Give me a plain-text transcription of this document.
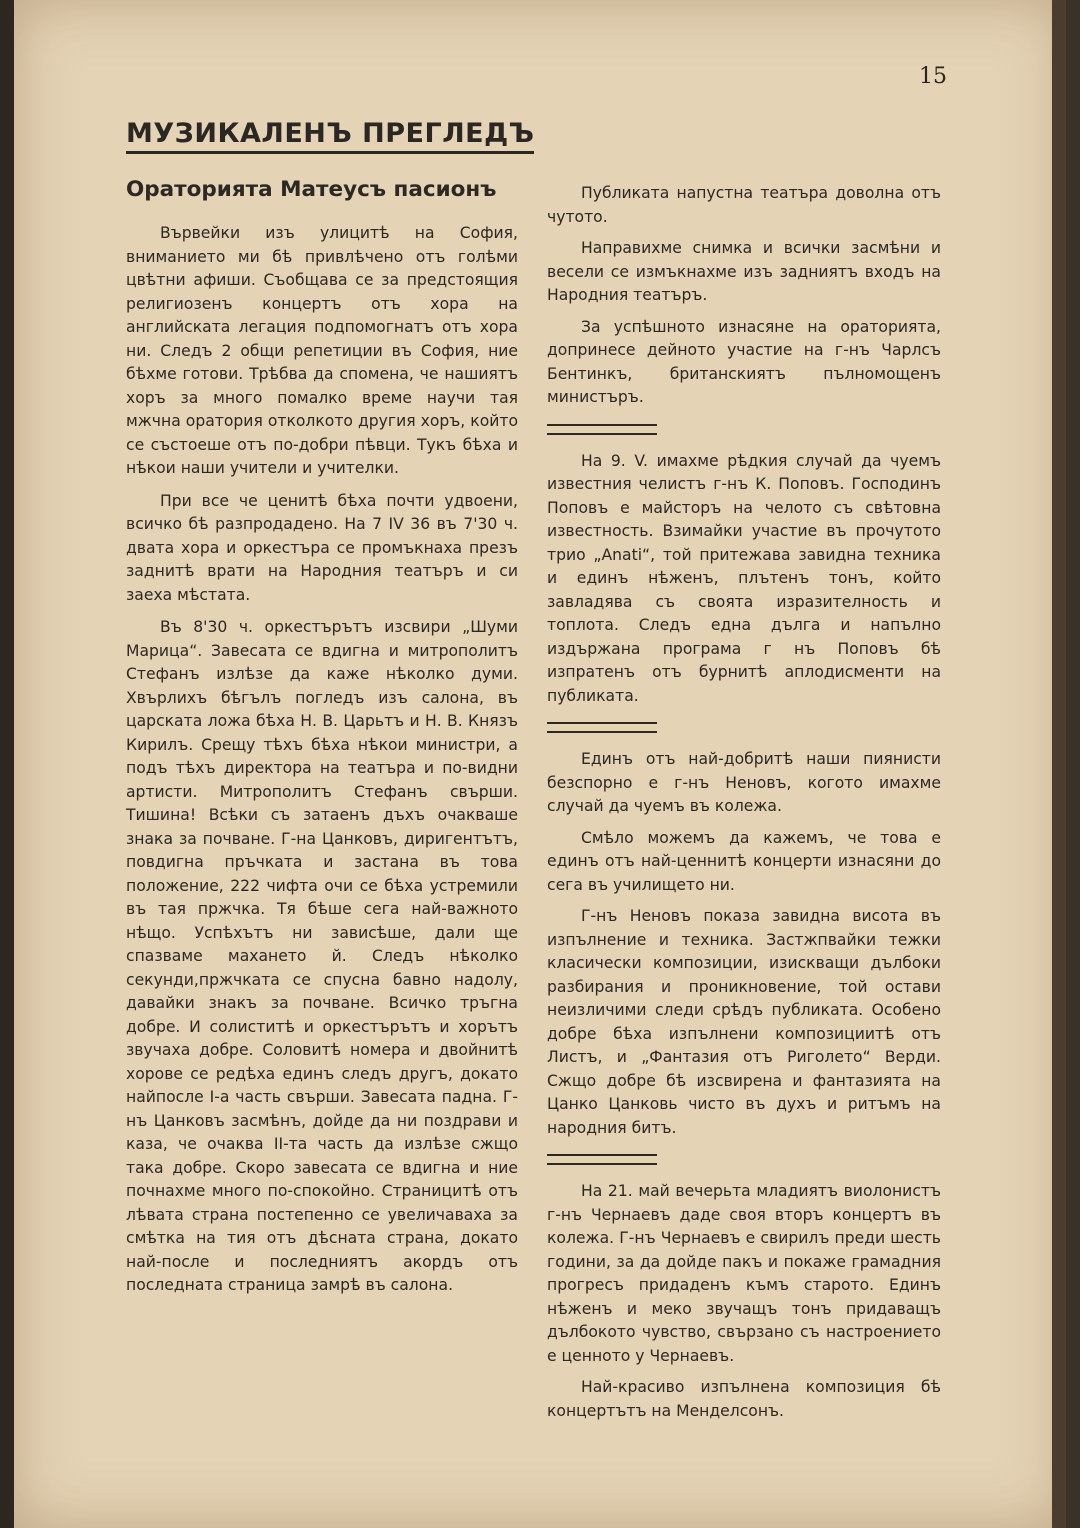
15
МУЗИКАЛЕНЪ ПРЕГЛЕДЪ
Ораторията Матеусъ пасионъ

Вървейки изъ улицитѣ на София, вниманието ми бѣ привлѣчено отъ голѣми цвѣтни афиши. Съобщава се за предстоящия религиозенъ концертъ отъ хора на английската легация подпомогнатъ отъ хора ни. Следъ 2 общи репетиции въ София, ние бѣхме готови. Трѣбва да спомена, че нашиятъ хоръ за много помалко време научи тая мжчна оратория отколкото другия хоръ, който се състоеше отъ по-добри пѣвци. Тукъ бѣха и нѣкои наши учители и учителки.

При все че ценитѣ бѣха почти удвоени, всичко бѣ разпродадено. На 7 IV 36 въ 7'30 ч. двата хора и оркестъра се промъкнаха презъ заднитѣ врати на Народния театъръ и си заеха мѣстата.

Въ 8'30 ч. оркестърътъ изсвири „Шуми Марица“. Завесата се вдигна и митрополитъ Стефанъ излѣзе да каже нѣколко думи. Хвърлихъ бѣгълъ погледъ изъ салона, въ царската ложа бѣха Н. В. Царьтъ и Н. В. Князъ Кирилъ. Срещу тѣхъ бѣха нѣкои министри, а подъ тѣхъ директора на театъра и по-видни артисти. Митрополитъ Стефанъ свърши. Тишина! Всѣки съ затаенъ дъхъ очакваше знака за почване. Г-на Цанковъ, диригентътъ, повдигна пръчката и застана въ това положение, 222 чифта очи се бѣха устремили въ тая пржчка. Тя бѣше сега най-важното нѣщо. Успѣхътъ ни зависѣше, дали ще спазваме махането й. Следъ нѣколко секунди,пржчката се спусна бавно надолу, давайки знакъ за почване. Всичко тръгна добре. И солиститѣ и оркестърътъ и хорътъ звучаха добре. Соловитѣ номера и двойнитѣ хорове се редѣха единъ следъ другъ, докато найпосле I-а часть свърши. Завесата падна. Г-нъ Цанковъ засмѣнъ, дойде да ни поздрави и каза, че очаква II-та часть да излѣзе сжщо така добре. Скоро завесата се вдигна и ние почнахме много по-спокойно. Страницитѣ отъ лѣвата страна постепенно се увеличаваха за смѣтка на тия отъ дѣсната страна, докато най-после и последниятъ акордъ отъ последната страница замрѣ въ салона.

Публиката напустна театъра доволна отъ чутото.

Направихме снимка и всички засмѣни и весели се измъкнахме изъ задниятъ входъ на Народния театъръ.

За успѣшното изнасяне на ораторията, допринесе дейното участие на г-нъ Чарлсъ Бентинкъ, британскиятъ пълномощенъ министъръ.

На 9. V. имахме рѣдкия случай да чуемъ известния челистъ г-нъ К. Поповъ. Господинъ Поповъ е майсторъ на челото съ свѣтовна известность. Взимайки участие въ прочутото трио „Anati“, той притежава завидна техника и единъ нѣженъ, плътенъ тонъ, който завладява съ своята изразителность и топлота. Следъ една дълга и напълно издържана програма г нъ Поповъ бѣ изпратенъ отъ бурнитѣ аплодисменти на публиката.

Единъ отъ най-добритѣ наши пиянисти безспорно е г-нъ Неновъ, когото имахме случай да чуемъ въ колежа.

Смѣло можемъ да кажемъ, че това е единъ отъ най-ценнитѣ концерти изнасяни до сега въ училището ни.

Г-нъ Неновъ показа завидна висота въ изпълнение и техника. Застжпвайки тежки класически композиции, изискващи дълбоки разбирания и проникновение, той остави неизличими следи срѣдъ публиката. Особено добре бѣха изпълнени композициитѣ отъ Листъ, и „Фантазия отъ Риголето“ Верди. Сжщо добре бѣ изсвирена и фантазията на Цанко Цанковь чисто въ духъ и ритъмъ на народния битъ.

На 21. май вечерьта младиятъ виолонистъ г-нъ Чернаевъ даде своя вторъ концертъ въ колежа. Г-нъ Чернаевъ е свирилъ преди шесть години, за да дойде пакъ и покаже грамадния прогресъ придаденъ къмъ старото. Единъ нѣженъ и меко звучащъ тонъ придаващъ дълбокото чувство, свързано съ настроението е ценното у Чернаевъ.

Най-красиво изпълнена композиция бѣ концертътъ на Менделсонъ.
